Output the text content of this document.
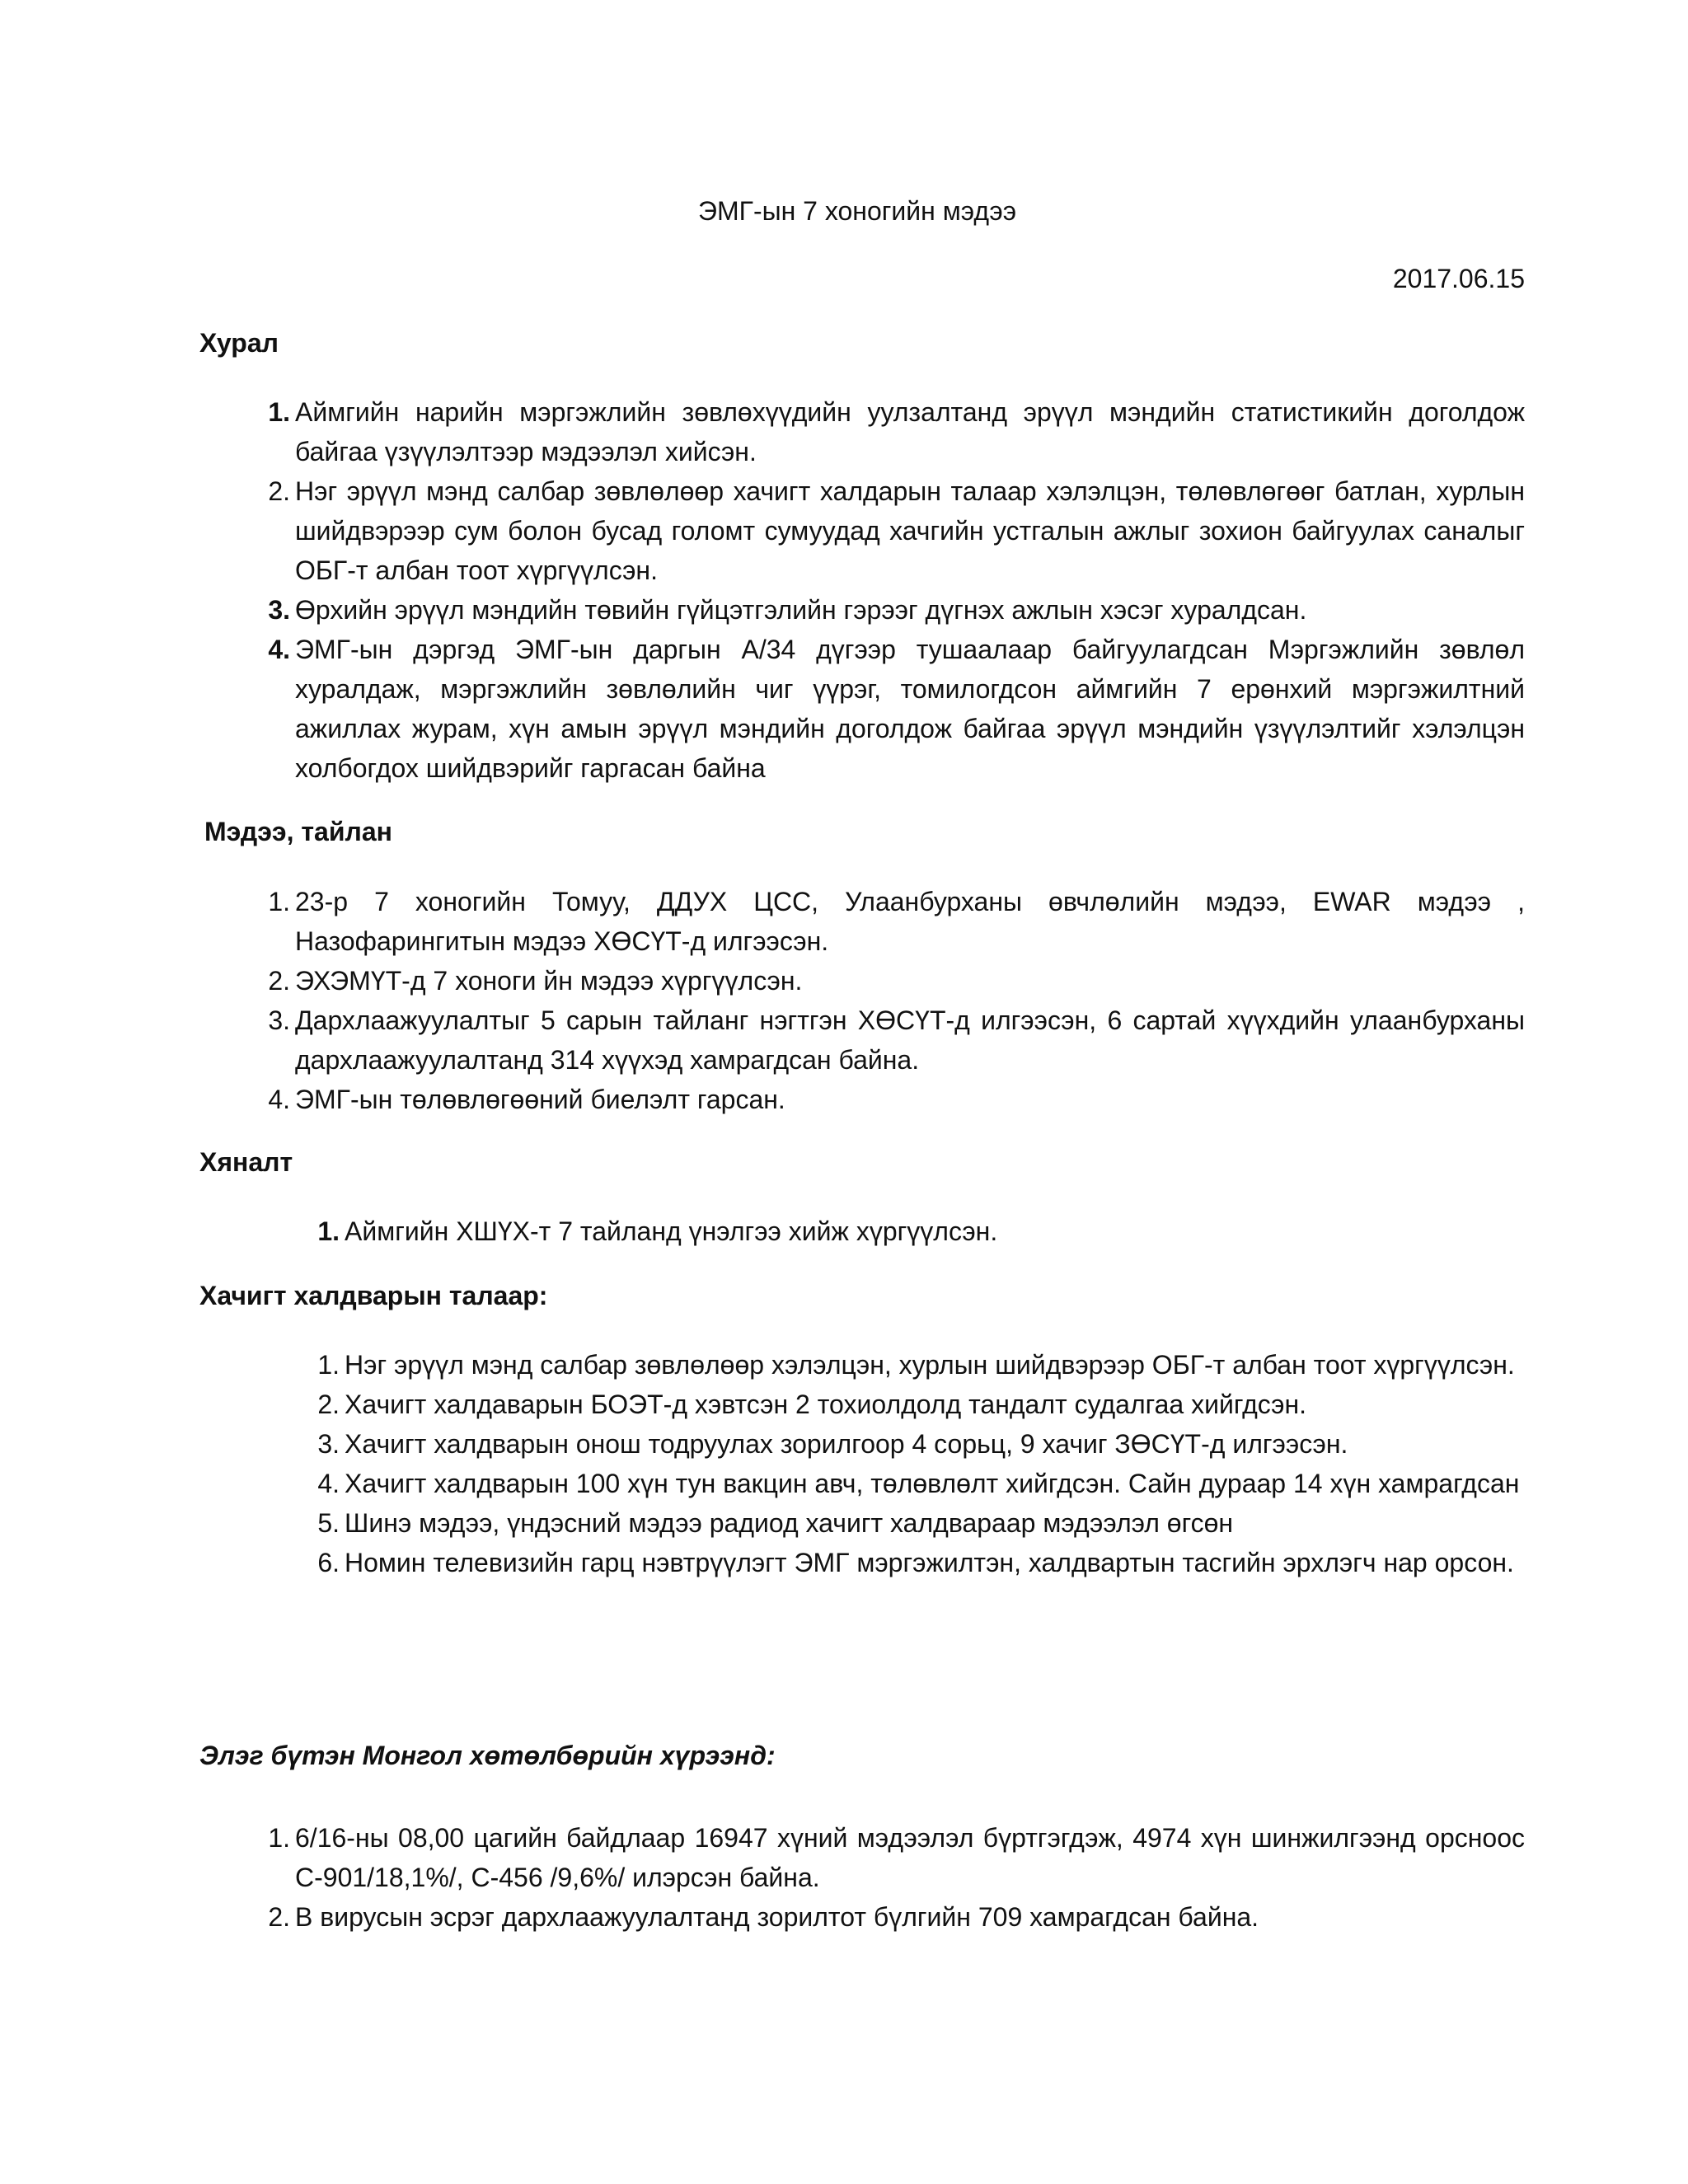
ЭМГ-ын 7 хоногийн мэдээ
2017.06.15
Хурал
1. Аймгийн нарийн мэргэжлийн зөвлөхүүдийн уулзалтанд эрүүл мэндийн статистикийн доголдож байгаа үзүүлэлтээр мэдээлэл хийсэн.
2. Нэг эрүүл мэнд салбар зөвлөлөөр хачигт халдарын талаар хэлэлцэн, төлөвлөгөөг батлан, хурлын шийдвэрээр сум болон бусад голомт сумуудад хачгийн устгалын ажлыг зохион байгуулах саналыг ОБГ-т албан тоот хүргүүлсэн.
3. Өрхийн эрүүл мэндийн төвийн гүйцэтгэлийн гэрээг дүгнэх ажлын хэсэг хуралдсан.
4. ЭМГ-ын дэргэд ЭМГ-ын даргын А/34 дүгээр тушаалаар байгуулагдсан Мэргэжлийн зөвлөл хуралдаж, мэргэжлийн зөвлөлийн чиг үүрэг, томилогдсон аймгийн 7 ерөнхий мэргэжилтний ажиллах журам, хүн амын эрүүл мэндийн доголдож байгаа эрүүл мэндийн үзүүлэлтийг хэлэлцэн холбогдох шийдвэрийг гаргасан байна
Мэдээ, тайлан
1. 23-р 7 хоногийн Томуу, ДДУХ ЦСС, Улаанбурханы өвчлөлийн мэдээ, EWAR мэдээ , Назофарингитын мэдээ ХӨСҮТ-д илгээсэн.
2. ЭХЭМҮТ-д 7 хоноги йн мэдээ хүргүүлсэн.
3. Дархлаажуулалтыг 5 сарын тайланг нэгтгэн ХӨСҮТ-д илгээсэн, 6 сартай хүүхдийн улаанбурханы дархлаажуулалтанд 314 хүүхэд хамрагдсан байна.
4. ЭМГ-ын төлөвлөгөөний биелэлт гарсан.
Хяналт
1. Аймгийн ХШҮХ-т 7 тайланд үнэлгээ хийж хүргүүлсэн.
Хачигт халдварын талаар:
1. Нэг эрүүл мэнд салбар зөвлөлөөр хэлэлцэн, хурлын шийдвэрээр ОБГ-т албан тоот хүргүүлсэн.
2. Хачигт халдаварын БОЭТ-д хэвтсэн 2 тохиолдолд тандалт судалгаа хийгдсэн.
3. Хачигт халдварын онош тодруулах зорилгоор 4 сорьц, 9 хачиг ЗӨСҮТ-д илгээсэн.
4. Хачигт халдварын 100 хүн тун вакцин авч, төлөвлөлт хийгдсэн. Сайн дураар 14 хүн хамрагдсан
5. Шинэ мэдээ, үндэсний мэдээ радиод хачигт халдвараар мэдээлэл өгсөн
6. Номин телевизийн гарц нэвтрүүлэгт ЭМГ мэргэжилтэн, халдвартын тасгийн эрхлэгч нар орсон.
Элэг бүтэн Монгол хөтөлбөрийн хүрээнд:
1. 6/16-ны 08,00 цагийн байдлаар 16947 хүний мэдээлэл бүртгэгдэж, 4974 хүн шинжилгээнд орсноос С-901/18,1%/, С-456 /9,6%/ илэрсэн байна.
2. В вирусын эсрэг дархлаажуулалтанд зорилтот бүлгийн 709 хамрагдсан байна.
